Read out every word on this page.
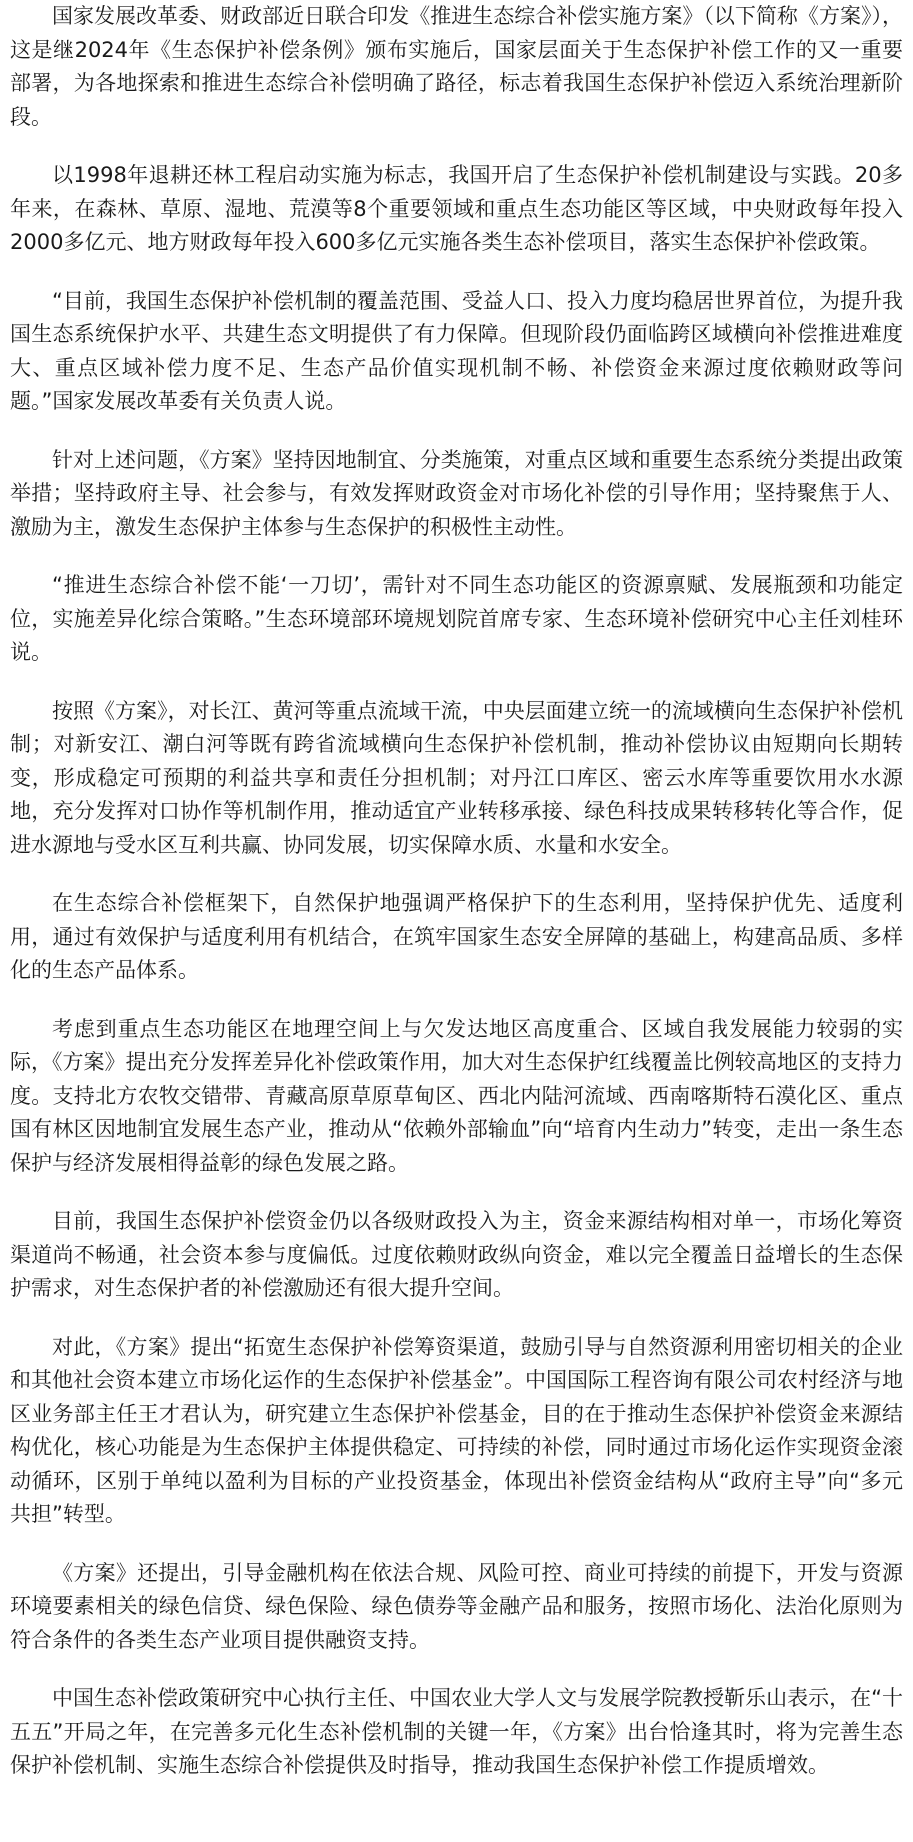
国家发展改革委、财政部近日联合印发《推进生态综合补偿实施方案》（以下简称《方案》），这是继2024年《生态保护补偿条例》颁布实施后，国家层面关于生态保护补偿工作的又一重要部署，为各地探索和推进生态综合补偿明确了路径，标志着我国生态保护补偿迈入系统治理新阶段。

以1998年退耕还林工程启动实施为标志，我国开启了生态保护补偿机制建设与实践。20多年来，在森林、草原、湿地、荒漠等8个重要领域和重点生态功能区等区域，中央财政每年投入2000多亿元、地方财政每年投入600多亿元实施各类生态补偿项目，落实生态保护补偿政策。

“目前，我国生态保护补偿机制的覆盖范围、受益人口、投入力度均稳居世界首位，为提升我国生态系统保护水平、共建生态文明提供了有力保障。但现阶段仍面临跨区域横向补偿推进难度大、重点区域补偿力度不足、生态产品价值实现机制不畅、补偿资金来源过度依赖财政等问题。”国家发展改革委有关负责人说。

针对上述问题，《方案》坚持因地制宜、分类施策，对重点区域和重要生态系统分类提出政策举措；坚持政府主导、社会参与，有效发挥财政资金对市场化补偿的引导作用；坚持聚焦于人、激励为主，激发生态保护主体参与生态保护的积极性主动性。

“推进生态综合补偿不能‘一刀切’，需针对不同生态功能区的资源禀赋、发展瓶颈和功能定位，实施差异化综合策略。”生态环境部环境规划院首席专家、生态环境补偿研究中心主任刘桂环说。

按照《方案》，对长江、黄河等重点流域干流，中央层面建立统一的流域横向生态保护补偿机制；对新安江、潮白河等既有跨省流域横向生态保护补偿机制，推动补偿协议由短期向长期转变，形成稳定可预期的利益共享和责任分担机制；对丹江口库区、密云水库等重要饮用水水源地，充分发挥对口协作等机制作用，推动适宜产业转移承接、绿色科技成果转移转化等合作，促进水源地与受水区互利共赢、协同发展，切实保障水质、水量和水安全。

在生态综合补偿框架下，自然保护地强调严格保护下的生态利用，坚持保护优先、适度利用，通过有效保护与适度利用有机结合，在筑牢国家生态安全屏障的基础上，构建高品质、多样化的生态产品体系。

考虑到重点生态功能区在地理空间上与欠发达地区高度重合、区域自我发展能力较弱的实际，《方案》提出充分发挥差异化补偿政策作用，加大对生态保护红线覆盖比例较高地区的支持力度。支持北方农牧交错带、青藏高原草原草甸区、西北内陆河流域、西南喀斯特石漠化区、重点国有林区因地制宜发展生态产业，推动从“依赖外部输血”向“培育内生动力”转变，走出一条生态保护与经济发展相得益彰的绿色发展之路。

目前，我国生态保护补偿资金仍以各级财政投入为主，资金来源结构相对单一，市场化筹资渠道尚不畅通，社会资本参与度偏低。过度依赖财政纵向资金，难以完全覆盖日益增长的生态保护需求，对生态保护者的补偿激励还有很大提升空间。

对此，《方案》提出“拓宽生态保护补偿筹资渠道，鼓励引导与自然资源利用密切相关的企业和其他社会资本建立市场化运作的生态保护补偿基金”。中国国际工程咨询有限公司农村经济与地区业务部主任王才君认为，研究建立生态保护补偿基金，目的在于推动生态保护补偿资金来源结构优化，核心功能是为生态保护主体提供稳定、可持续的补偿，同时通过市场化运作实现资金滚动循环，区别于单纯以盈利为目标的产业投资基金，体现出补偿资金结构从“政府主导”向“多元共担”转型。

《方案》还提出，引导金融机构在依法合规、风险可控、商业可持续的前提下，开发与资源环境要素相关的绿色信贷、绿色保险、绿色债券等金融产品和服务，按照市场化、法治化原则为符合条件的各类生态产业项目提供融资支持。

中国生态补偿政策研究中心执行主任、中国农业大学人文与发展学院教授靳乐山表示，在“十五五”开局之年，在完善多元化生态补偿机制的关键一年，《方案》出台恰逢其时，将为完善生态保护补偿机制、实施生态综合补偿提供及时指导，推动我国生态保护补偿工作提质增效。
